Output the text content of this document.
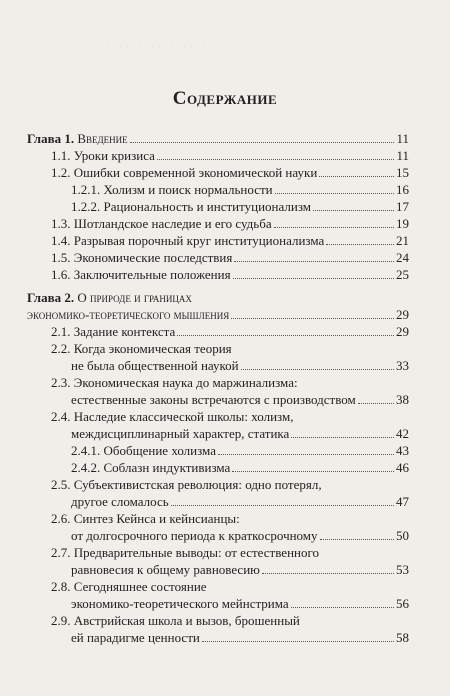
· · · · · · · · · · · · · · · · · · ·
Содержание
Глава 1. Введение	11
1.1. Уроки кризиса	11
1.2. Ошибки современной экономической науки	15
1.2.1. Холизм и поиск нормальности	16
1.2.2. Рациональность и институционализм	17
1.3. Шотландское наследие и его судьба	19
1.4. Разрывая порочный круг институционализма	21
1.5. Экономические последствия	24
1.6. Заключительные положения	25
Глава 2. О природе и границах
экономико-теоретического мышления	29
2.1. Задание контекста	29
2.2. Когда экономическая теория
не была общественной наукой	33
2.3. Экономическая наука до маржинализма:
естественные законы встречаются с производством	38
2.4. Наследие классической школы: холизм,
междисциплинарный характер, статика	42
2.4.1. Обобщение холизма	43
2.4.2. Соблазн индуктивизма	46
2.5. Субъективистская революция: одно потерял,
другое сломалось	47
2.6. Синтез Кейнса и кейнсианцы:
от долгосрочного периода к краткосрочному	50
2.7. Предварительные выводы: от естественного
равновесия к общему равновесию	53
2.8. Сегодняшнее состояние
экономико-теоретического мейнстрима	56
2.9. Австрийская школа и вызов, брошенный
ей парадигме ценности	58
